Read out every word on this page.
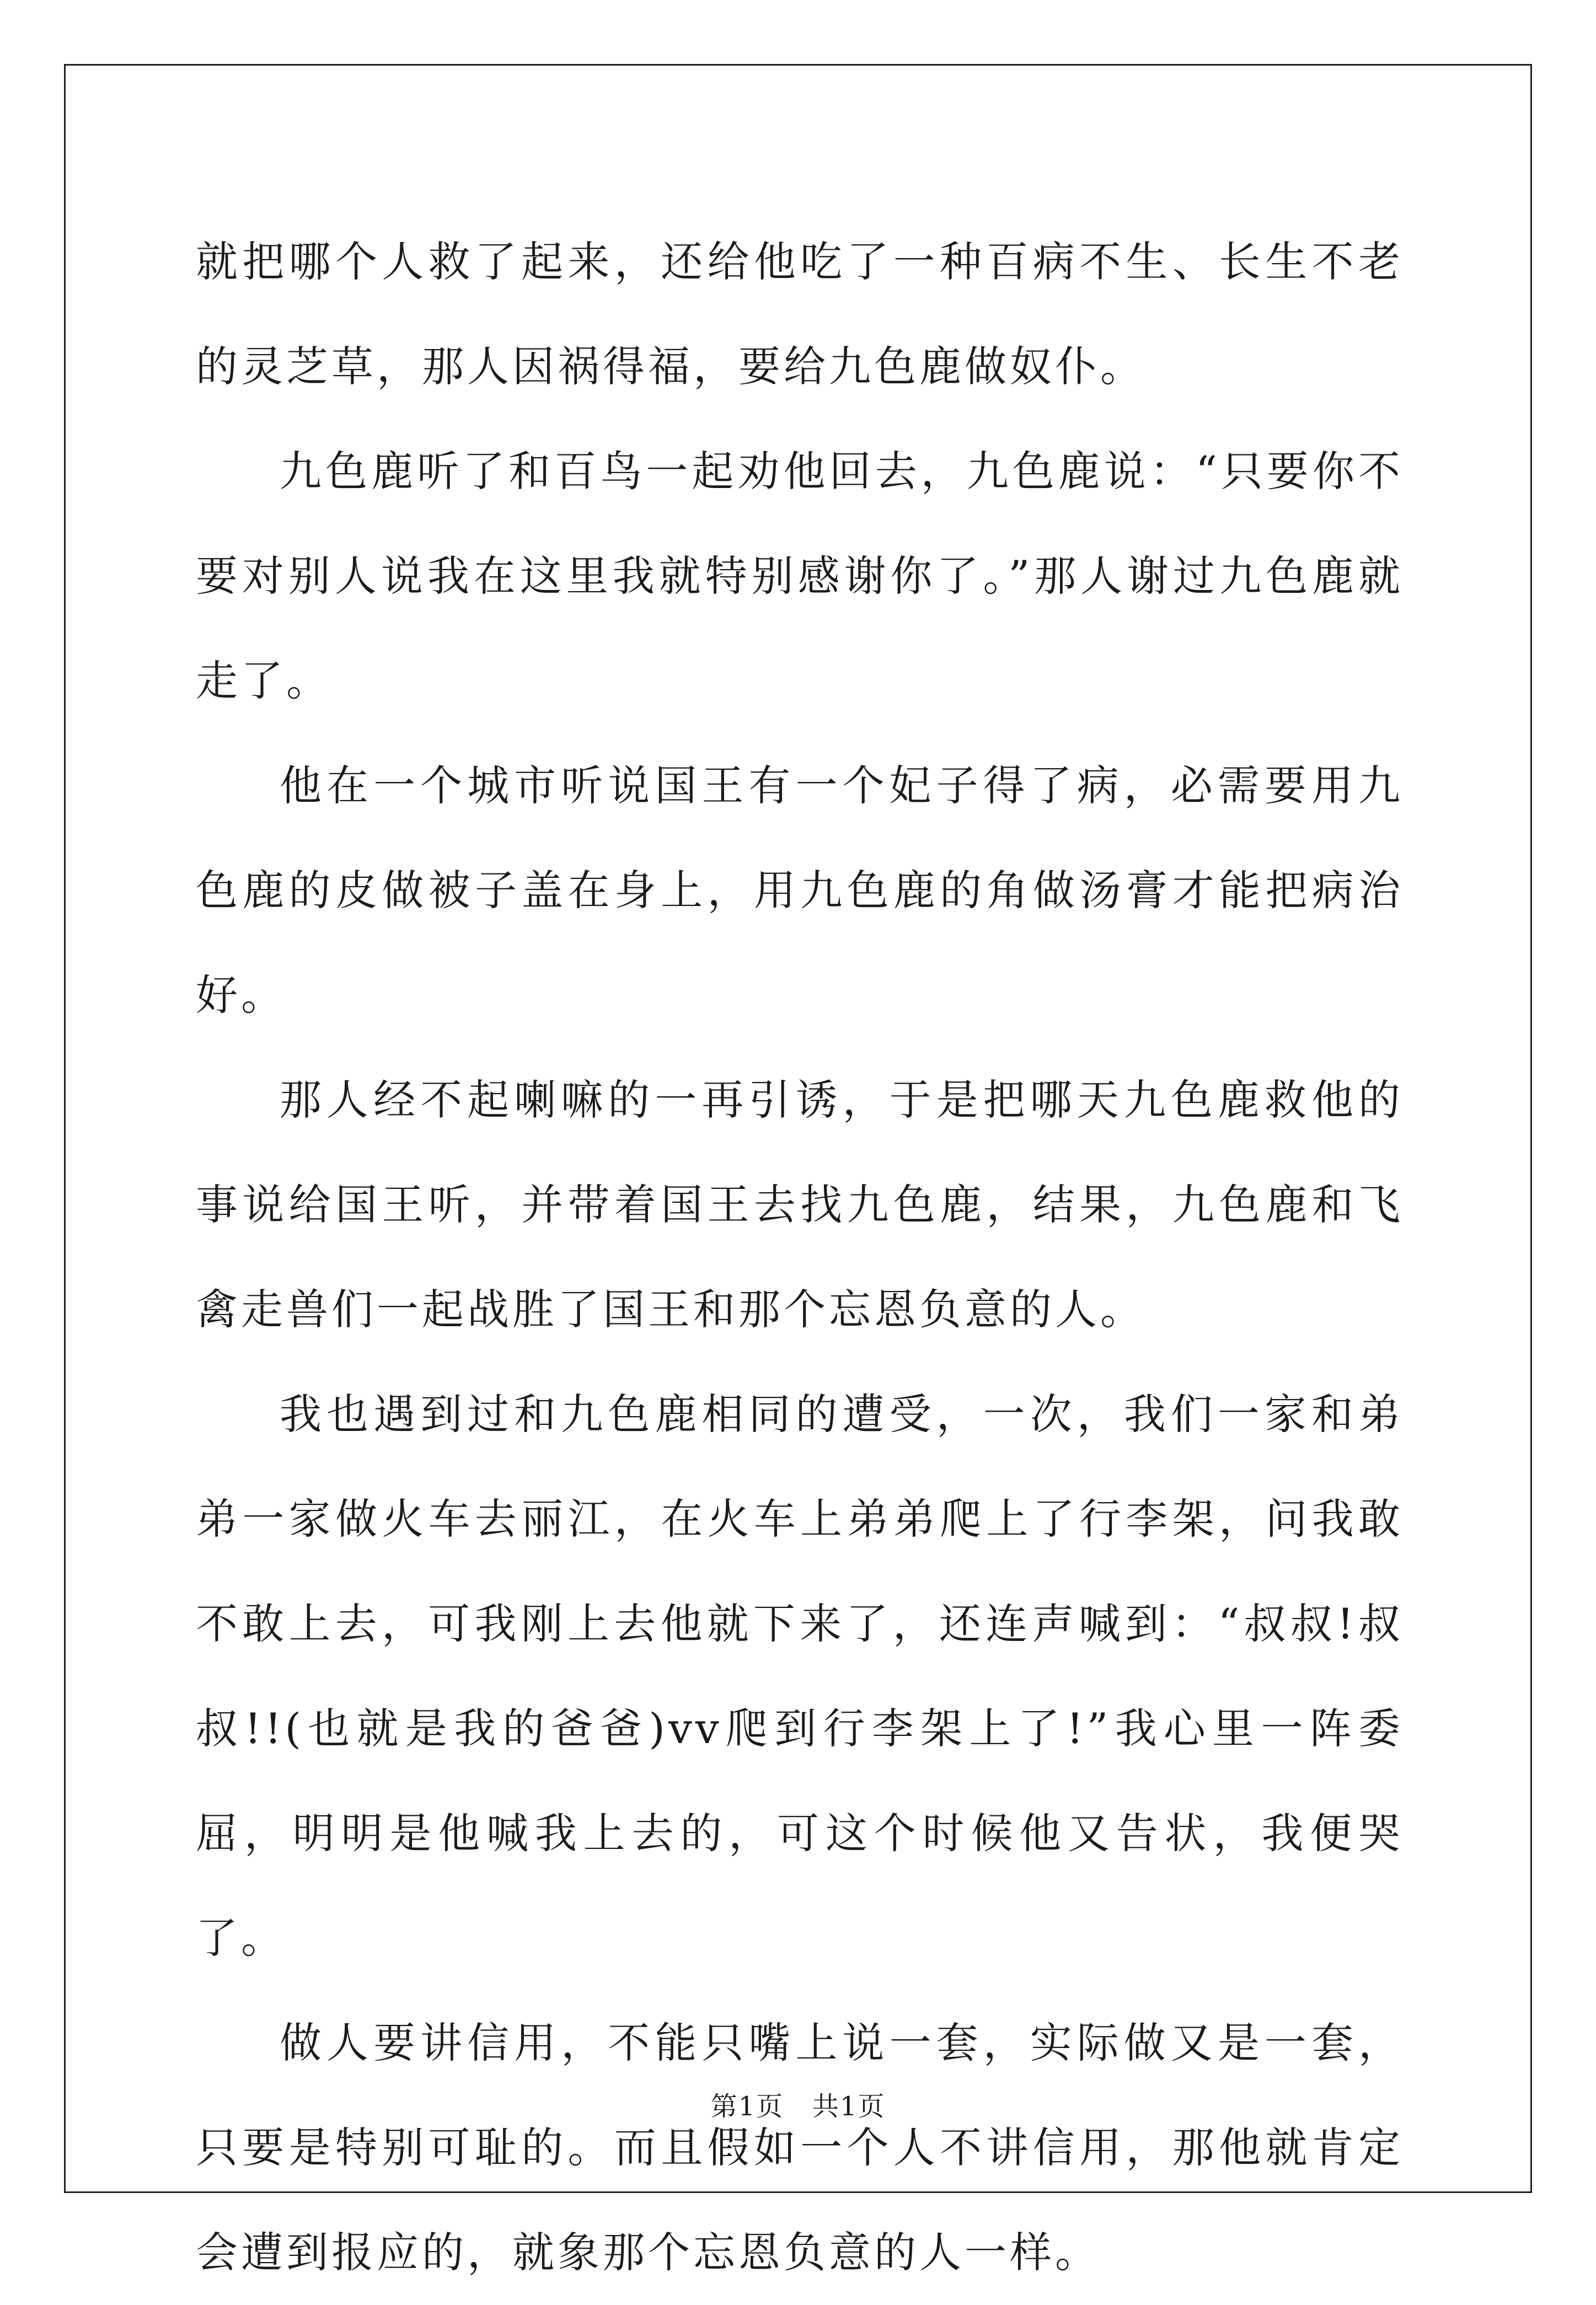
就把哪个人救了起来，还给他吃了一种百病不生、长生不老的灵芝草，那人因祸得福，要给九色鹿做奴仆。

九色鹿听了和百鸟一起劝他回去，九色鹿说：“只要你不要对别人说我在这里我就特别感谢你了。”那人谢过九色鹿就走了。

他在一个城市听说国王有一个妃子得了病，必需要用九色鹿的皮做被子盖在身上，用九色鹿的角做汤膏才能把病治好。

那人经不起喇嘛的一再引诱，于是把哪天九色鹿救他的事说给国王听，并带着国王去找九色鹿，结果，九色鹿和飞禽走兽们一起战胜了国王和那个忘恩负意的人。

我也遇到过和九色鹿相同的遭受，一次，我们一家和弟弟一家做火车去丽江，在火车上弟弟爬上了行李架，问我敢不敢上去，可我刚上去他就下来了，还连声喊到：“叔叔!叔叔!!(也就是我的爸爸)vv爬到行李架上了!”我心里一阵委屈，明明是他喊我上去的，可这个时候他又告状，我便哭了。

做人要讲信用，不能只嘴上说一套，实际做又是一套，只要是特别可耻的。而且假如一个人不讲信用，那他就肯定会遭到报应的，就象那个忘恩负意的人一样。

第1页   共1页
